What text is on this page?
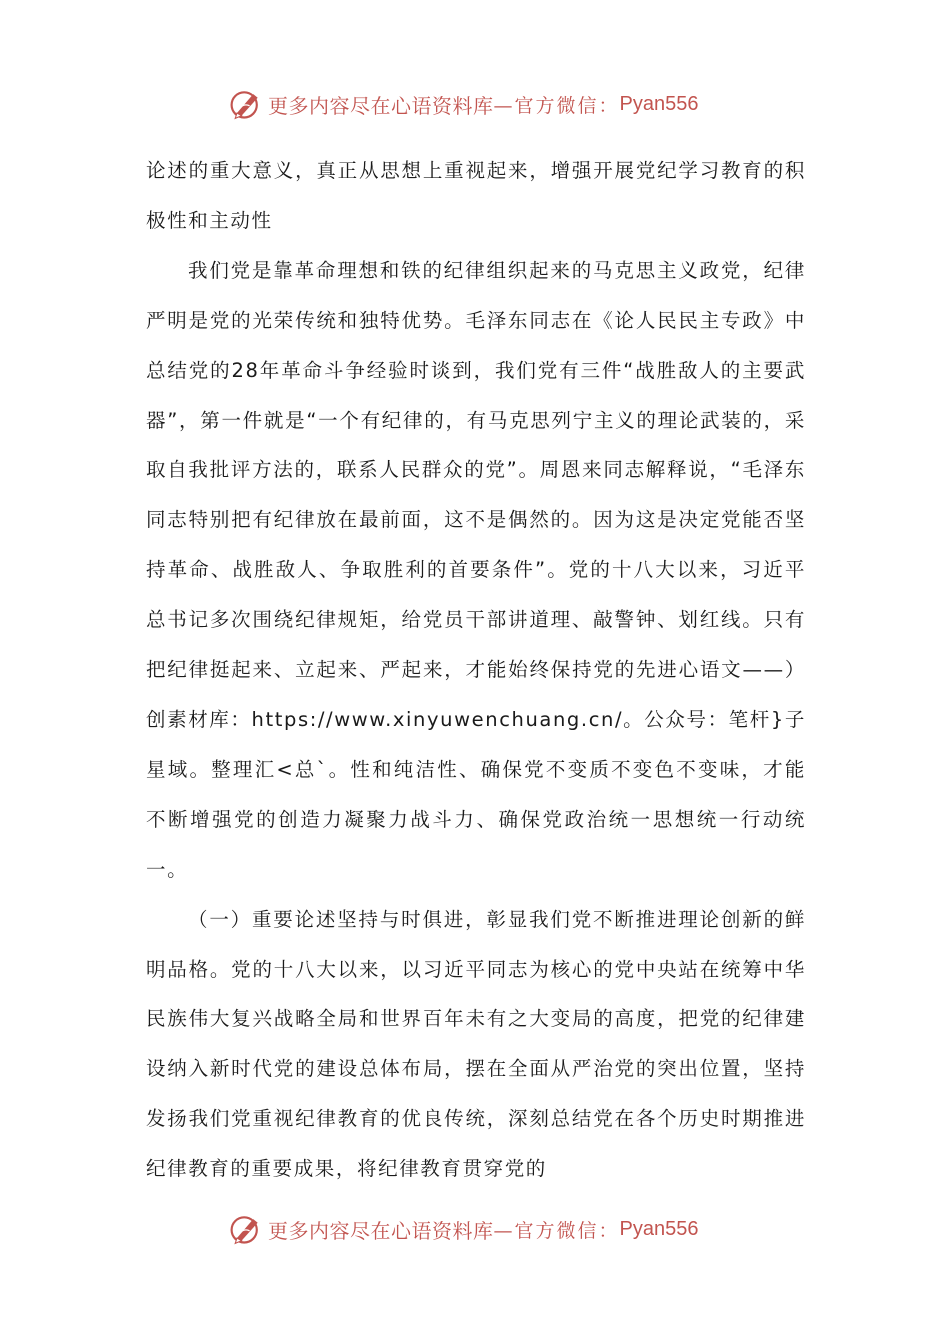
更多内容尽在心语资料库 —官方微信： Pyan556

论述的重大意义，真正从思想上重视起来，增强开展党纪学习教育的积极性和主动性

我们党是靠革命理想和铁的纪律组织起来的马克思主义政党，纪律严明是党的光荣传统和独特优势。毛泽东同志在《论人民民主专政》中总结党的28年革命斗争经验时谈到，我们党有三件“战胜敌人的主要武器”，第一件就是“一个有纪律的，有马克思列宁主义的理论武装的，采取自我批评方法的，联系人民群众的党”。周恩来同志解释说，“毛泽东同志特别把有纪律放在最前面，这不是偶然的。因为这是决定党能否坚持革命、战胜敌人、争取胜利的首要条件”。党的十八大以来，习近平总书记多次围绕纪律规矩，给党员干部讲道理、敲警钟、划红线。只有把纪律挺起来、立起来、严起来，才能始终保持党的先进心语文——）创素材库：https://www.xinyuwenchuang.cn/。公众号：笔杆}子星域。整理汇<总`。性和纯洁性、确保党不变质不变色不变味，才能不断增强党的创造力凝聚力战斗力、确保党政治统一思想统一行动统一。

（一）重要论述坚持与时俱进，彰显我们党不断推进理论创新的鲜明品格。党的十八大以来，以习近平同志为核心的党中央站在统筹中华民族伟大复兴战略全局和世界百年未有之大变局的高度，把党的纪律建设纳入新时代党的建设总体布局，摆在全面从严治党的突出位置，坚持发扬我们党重视纪律教育的优良传统，深刻总结党在各个历史时期推进纪律教育的重要成果，将纪律教育贯穿党的

更多内容尽在心语资料库 —官方微信： Pyan556
